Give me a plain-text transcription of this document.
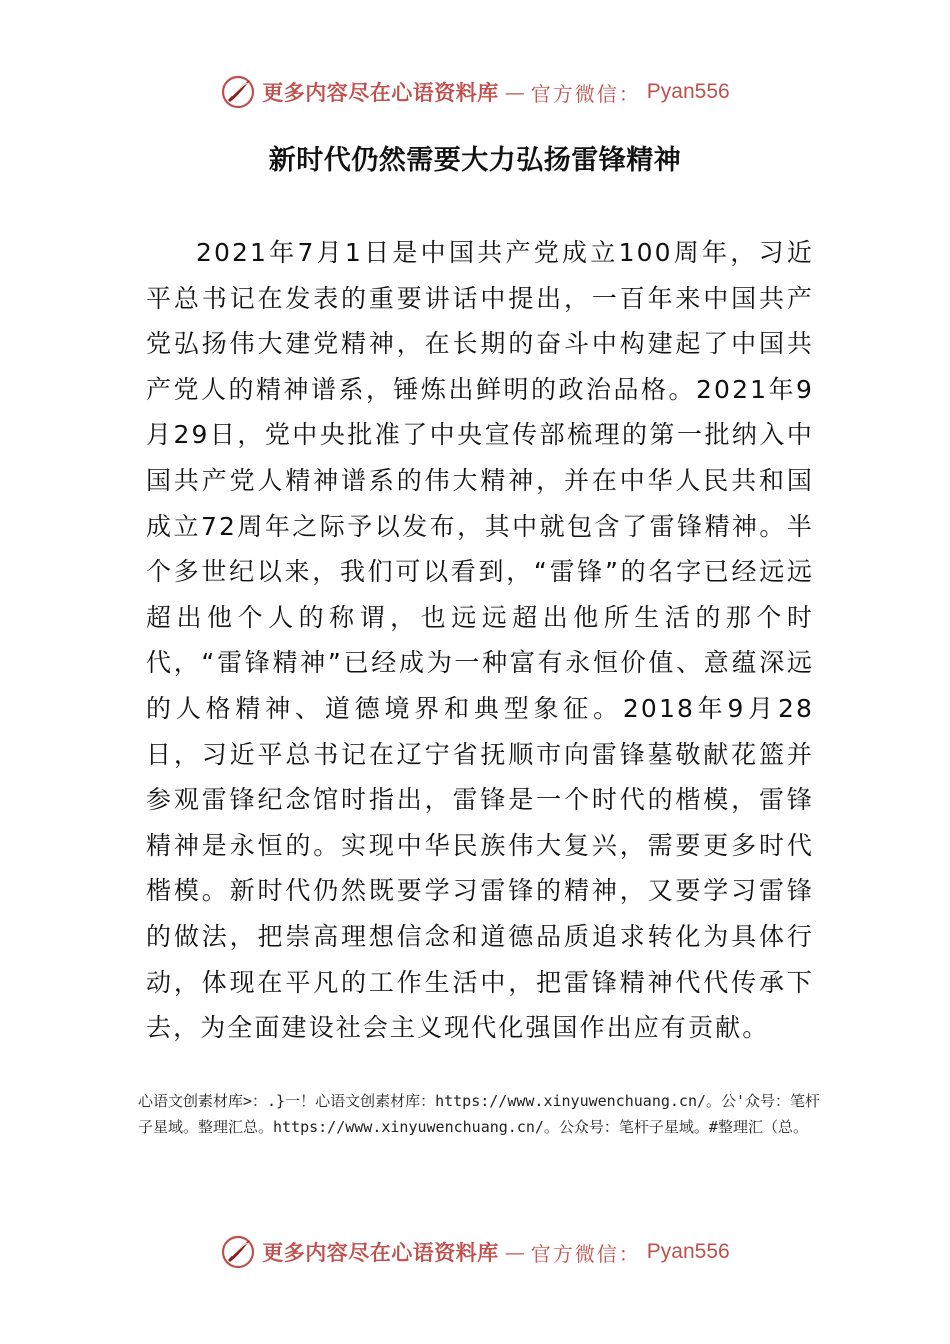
更多内容尽在心语资料库 — 官方微信： Pyan556
新时代仍然需要大力弘扬雷锋精神

2021年7月1日是中国共产党成立100周年，习近平总书记在发表的重要讲话中提出，一百年来中国共产党弘扬伟大建党精神，在长期的奋斗中构建起了中国共产党人的精神谱系，锤炼出鲜明的政治品格。2021年9月29日，党中央批准了中央宣传部梳理的第一批纳入中国共产党人精神谱系的伟大精神，并在中华人民共和国成立72周年之际予以发布，其中就包含了雷锋精神。半个多世纪以来，我们可以看到，“雷锋”的名字已经远远超出他个人的称谓，也远远超出他所生活的那个时代，“雷锋精神”已经成为一种富有永恒价值、意蕴深远的人格精神、道德境界和典型象征。2018年9月28日，习近平总书记在辽宁省抚顺市向雷锋墓敬献花篮并参观雷锋纪念馆时指出，雷锋是一个时代的楷模，雷锋精神是永恒的。实现中华民族伟大复兴，需要更多时代楷模。新时代仍然既要学习雷锋的精神，又要学习雷锋的做法，把崇高理想信念和道德品质追求转化为具体行动，体现在平凡的工作生活中，把雷锋精神代代传承下去，为全面建设社会主义现代化强国作出应有贡献。

心语文创素材库>：.}一！心语文创素材库：https://www.xinyuwenchuang.cn/。公'众号：笔杆子星域。整理汇总。https://www.xinyuwenchuang.cn/。公众号：笔杆子星域。#整理汇（总。

更多内容尽在心语资料库 — 官方微信： Pyan556
